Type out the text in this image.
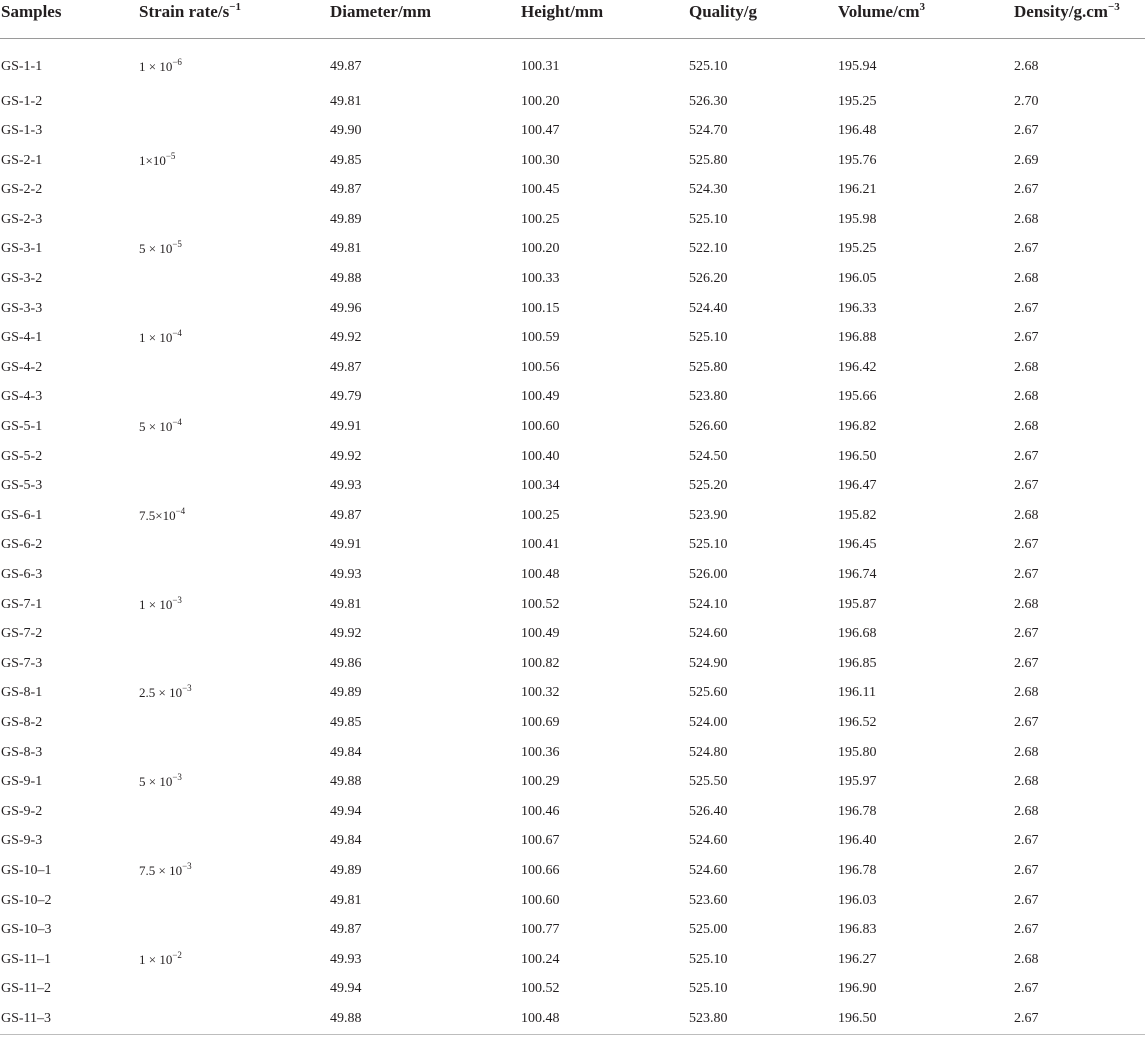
Samples	Strain rate/$s^{-1}$	Diameter/mm	Height/mm	Quality/g	Volume/$cm^3$	Density/$g.cm^{-3}$
GS-1-1	$1 \times 10^{-6}$	49.87	100.31	525.10	195.94	2.68
GS-1-2		49.81	100.20	526.30	195.25	2.70
GS-1-3		49.90	100.47	524.70	196.48	2.67
GS-2-1	$1\times 10^{-5}$	49.85	100.30	525.80	195.76	2.69
GS-2-2		49.87	100.45	524.30	196.21	2.67
GS-2-3		49.89	100.25	525.10	195.98	2.68
GS-3-1	$5 \times 10^{-5}$	49.81	100.20	522.10	195.25	2.67
GS-3-2		49.88	100.33	526.20	196.05	2.68
GS-3-3		49.96	100.15	524.40	196.33	2.67
GS-4-1	$1 \times 10^{-4}$	49.92	100.59	525.10	196.88	2.67
GS-4-2		49.87	100.56	525.80	196.42	2.68
GS-4-3		49.79	100.49	523.80	195.66	2.68
GS-5-1	$5 \times 10^{-4}$	49.91	100.60	526.60	196.82	2.68
GS-5-2		49.92	100.40	524.50	196.50	2.67
GS-5-3		49.93	100.34	525.20	196.47	2.67
GS-6-1	$7.5\times 10^{-4}$	49.87	100.25	523.90	195.82	2.68
GS-6-2		49.91	100.41	525.10	196.45	2.67
GS-6-3		49.93	100.48	526.00	196.74	2.67
GS-7-1	$1 \times 10^{-3}$	49.81	100.52	524.10	195.87	2.68
GS-7-2		49.92	100.49	524.60	196.68	2.67
GS-7-3		49.86	100.82	524.90	196.85	2.67
GS-8-1	$2.5 \times 10^{-3}$	49.89	100.32	525.60	196.11	2.68
GS-8-2		49.85	100.69	524.00	196.52	2.67
GS-8-3		49.84	100.36	524.80	195.80	2.68
GS-9-1	$5 \times 10^{-3}$	49.88	100.29	525.50	195.97	2.68
GS-9-2		49.94	100.46	526.40	196.78	2.68
GS-9-3		49.84	100.67	524.60	196.40	2.67
GS-10–1	$7.5 \times 10^{-3}$	49.89	100.66	524.60	196.78	2.67
GS-10–2		49.81	100.60	523.60	196.03	2.67
GS-10–3		49.87	100.77	525.00	196.83	2.67
GS-11–1	$1 \times 10^{-2}$	49.93	100.24	525.10	196.27	2.68
GS-11–2		49.94	100.52	525.10	196.90	2.67
GS-11–3		49.88	100.48	523.80	196.50	2.67
